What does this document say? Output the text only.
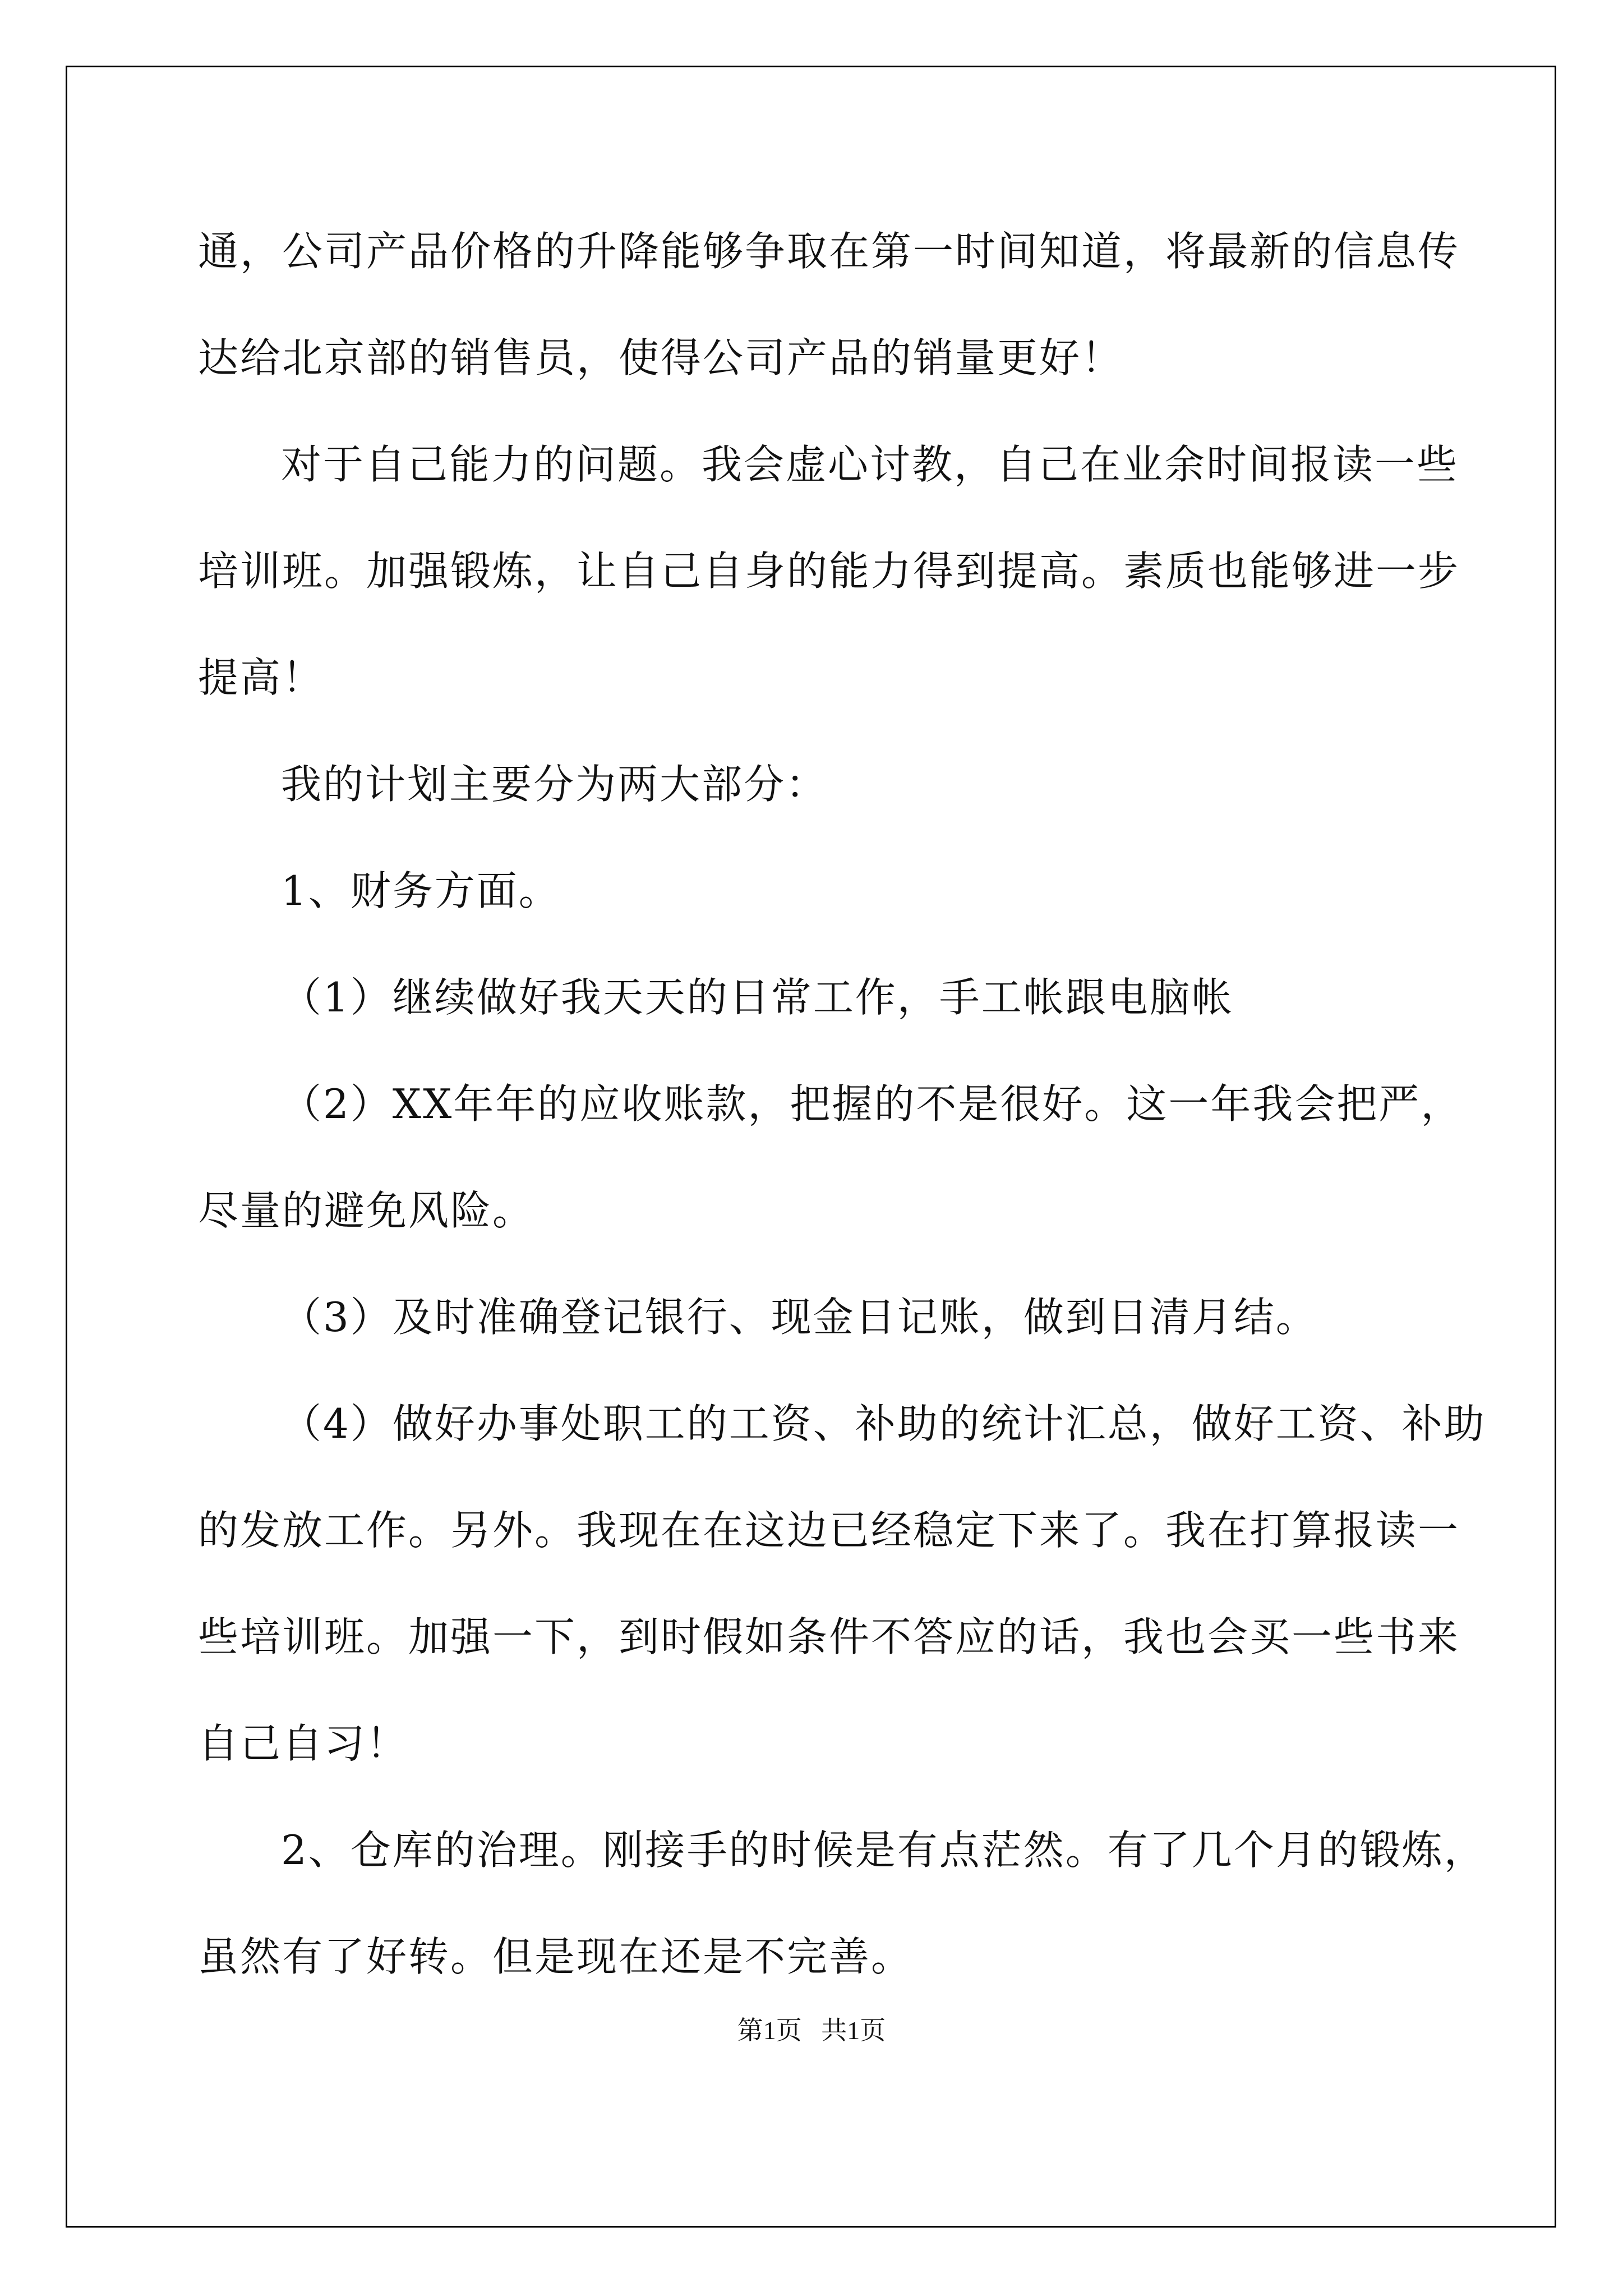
通，公司产品价格的升降能够争取在第一时间知道，将最新的信息传
达给北京部的销售员，使得公司产品的销量更好！
对于自己能力的问题。我会虚心讨教，自己在业余时间报读一些
培训班。加强锻炼，让自己自身的能力得到提高。素质也能够进一步
提高！
我的计划主要分为两大部分：
1、财务方面。
（1）继续做好我天天的日常工作，手工帐跟电脑帐
（2）XX年年的应收账款，把握的不是很好。这一年我会把严，
尽量的避免风险。
（3）及时准确登记银行、现金日记账，做到日清月结。
（4）做好办事处职工的工资、补助的统计汇总，做好工资、补助
的发放工作。另外。我现在在这边已经稳定下来了。我在打算报读一
些培训班。加强一下，到时假如条件不答应的话，我也会买一些书来
自己自习！
2、仓库的治理。刚接手的时候是有点茫然。有了几个月的锻炼，
虽然有了好转。但是现在还是不完善。
第1页   共1页
